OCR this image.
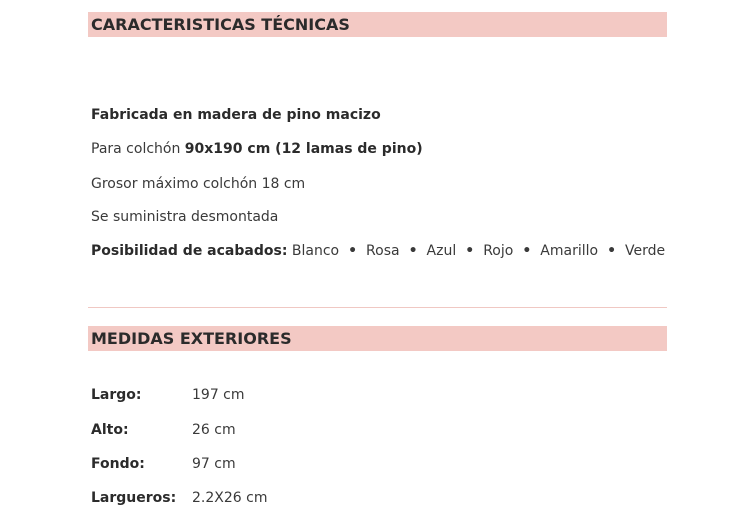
CARACTERISTICAS TÉCNICAS
Fabricada en madera de pino macizo
Para colchón 90x190 cm (12 lamas de pino)
Grosor máximo colchón 18 cm
Se suministra desmontada
Posibilidad de acabados: Blanco • Rosa • Azul • Rojo • Amarillo • Verde
MEDIDAS EXTERIORES
Largo:	197 cm
Alto:	26 cm
Fondo:	97 cm
Largueros: 2.2X26 cm
